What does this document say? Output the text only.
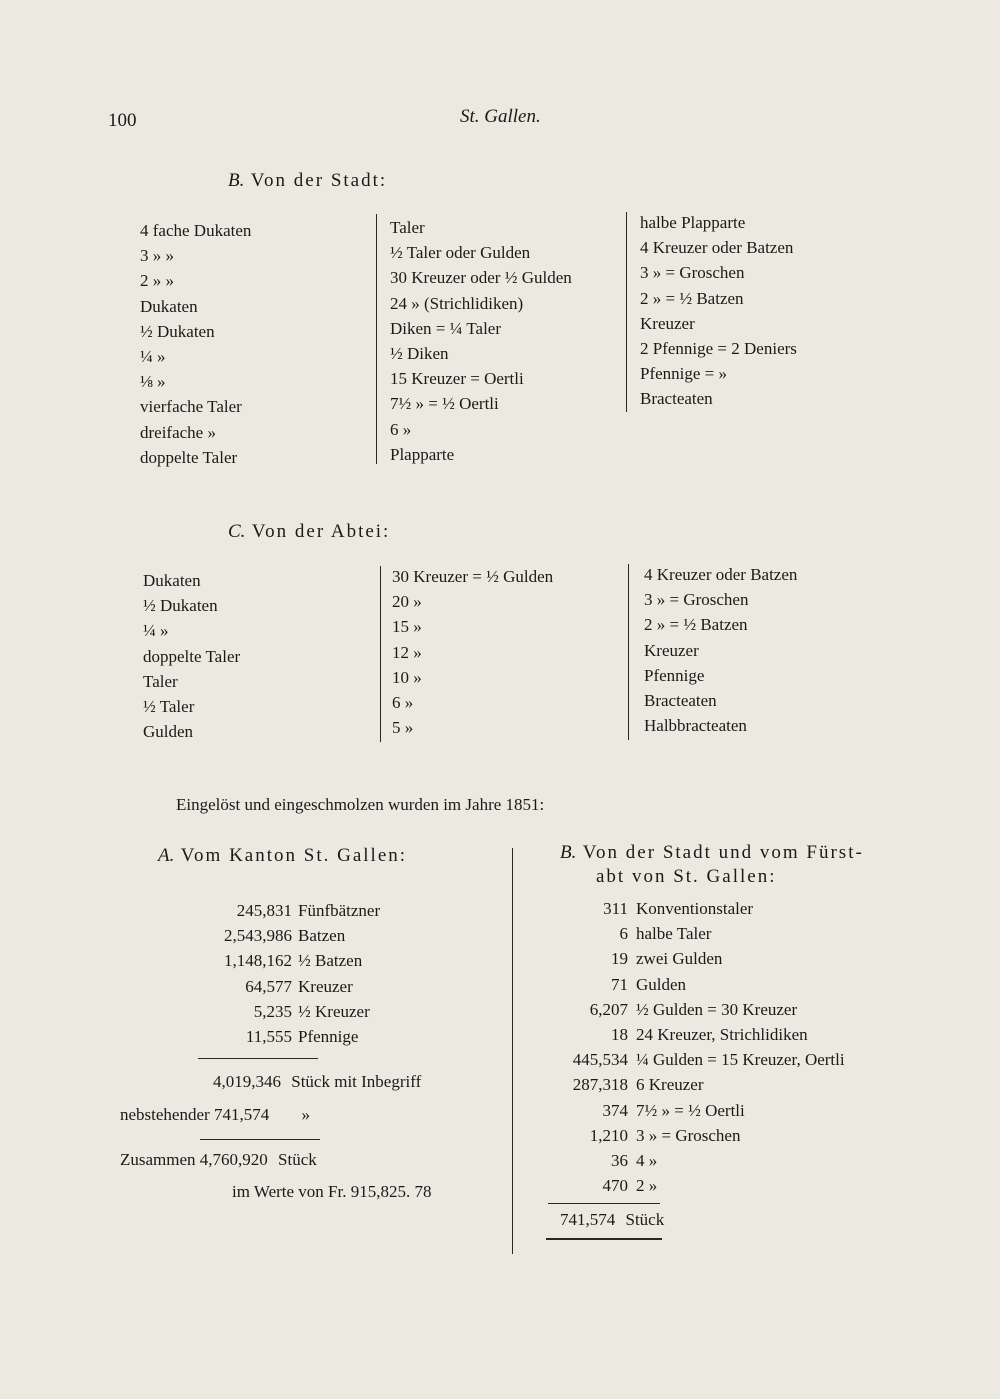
100	St. Gallen.
B. Von der Stadt:
4 fache Dukaten
3 » »
2 » »
Dukaten
½ Dukaten
¼ »
⅛ »
vierfache Taler
dreifache »
doppelte Taler
Taler
½ Taler oder Gulden
30 Kreuzer oder ½ Gulden
24 » (Strichlidiken)
Diken = ¼ Taler
½ Diken
15 Kreuzer = Oertli
7½ » = ½ Oertli
6 »
Plapparte
halbe Plapparte
4 Kreuzer oder Batzen
3 » = Groschen
2 » = ½ Batzen
Kreuzer
2 Pfennige = 2 Deniers
Pfennige = »
Bracteaten
C. Von der Abtei:
Dukaten
½ Dukaten
¼ »
doppelte Taler
Taler
½ Taler
Gulden
30 Kreuzer = ½ Gulden
20 »
15 »
12 »
10 »
6 »
5 »
4 Kreuzer oder Batzen
3 » = Groschen
2 » = ½ Batzen
Kreuzer
Pfennige
Bracteaten
Halbbracteaten
Eingelöst und eingeschmolzen wurden im Jahre 1851:
A. Vom Kanton St. Gallen:
245,831 Fünfbätzner
2,543,986 Batzen
1,148,162 ½ Batzen
64,577 Kreuzer
5,235 ½ Kreuzer
11,555 Pfennige
4,019,346 Stück mit Inbegriff
nebstehender 741,574 »
Zusammen 4,760,920 Stück
im Werte von Fr. 915,825. 78
B. Von der Stadt und vom Fürst-
abt von St. Gallen:
311 Konventionstaler
6 halbe Taler
19 zwei Gulden
71 Gulden
6,207 ½ Gulden = 30 Kreuzer
18 24 Kreuzer, Strichlidiken
445,534 ¼ Gulden = 15 Kreuzer, Oertli
287,318 6 Kreuzer
374 7½ » = ½ Oertli
1,210 3 » = Groschen
36 4 »
470 2 »
741,574 Stück
